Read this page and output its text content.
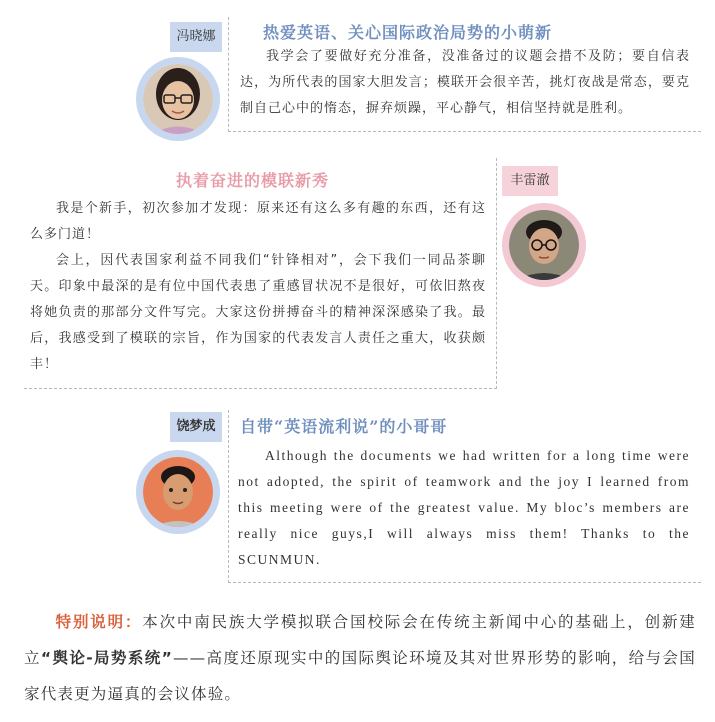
冯晓娜	热爱英语、关心国际政治局势的小萌新

我学会了要做好充分准备，没准备过的议题会措不及防；要自信表达，为所代表的国家大胆发言；模联开会很辛苦，挑灯夜战是常态，要克制自己心中的惰态，摒弃烦躁，平心静气，相信坚持就是胜利。

执着奋进的模联新秀

我是个新手，初次参加才发现：原来还有这么多有趣的东西，还有这么多门道！

会上，因代表国家利益不同我们“针锋相对”，会下我们一同品茶聊天。印象中最深的是有位中国代表患了重感冒状况不是很好，可依旧熬夜将她负责的那部分文件写完。大家这份拼搏奋斗的精神深深感染了我。最后，我感受到了模联的宗旨，作为国家的代表发言人责任之重大，收获颇丰！

丰雷澈
饶梦成	自带“英语流利说”的小哥哥

Although the documents we had written for a long time were not adopted, the spirit of teamwork and the joy I learned from this meeting were of the greatest value. My bloc’s members are really nice guys,I will always miss them! Thanks to the SCUNMUN.

特别说明：本次中南民族大学模拟联合国校际会在传统主新闻中心的基础上，创新建立“舆论-局势系统”——高度还原现实中的国际舆论环境及其对世界形势的影响，给与会国家代表更为逼真的会议体验。
